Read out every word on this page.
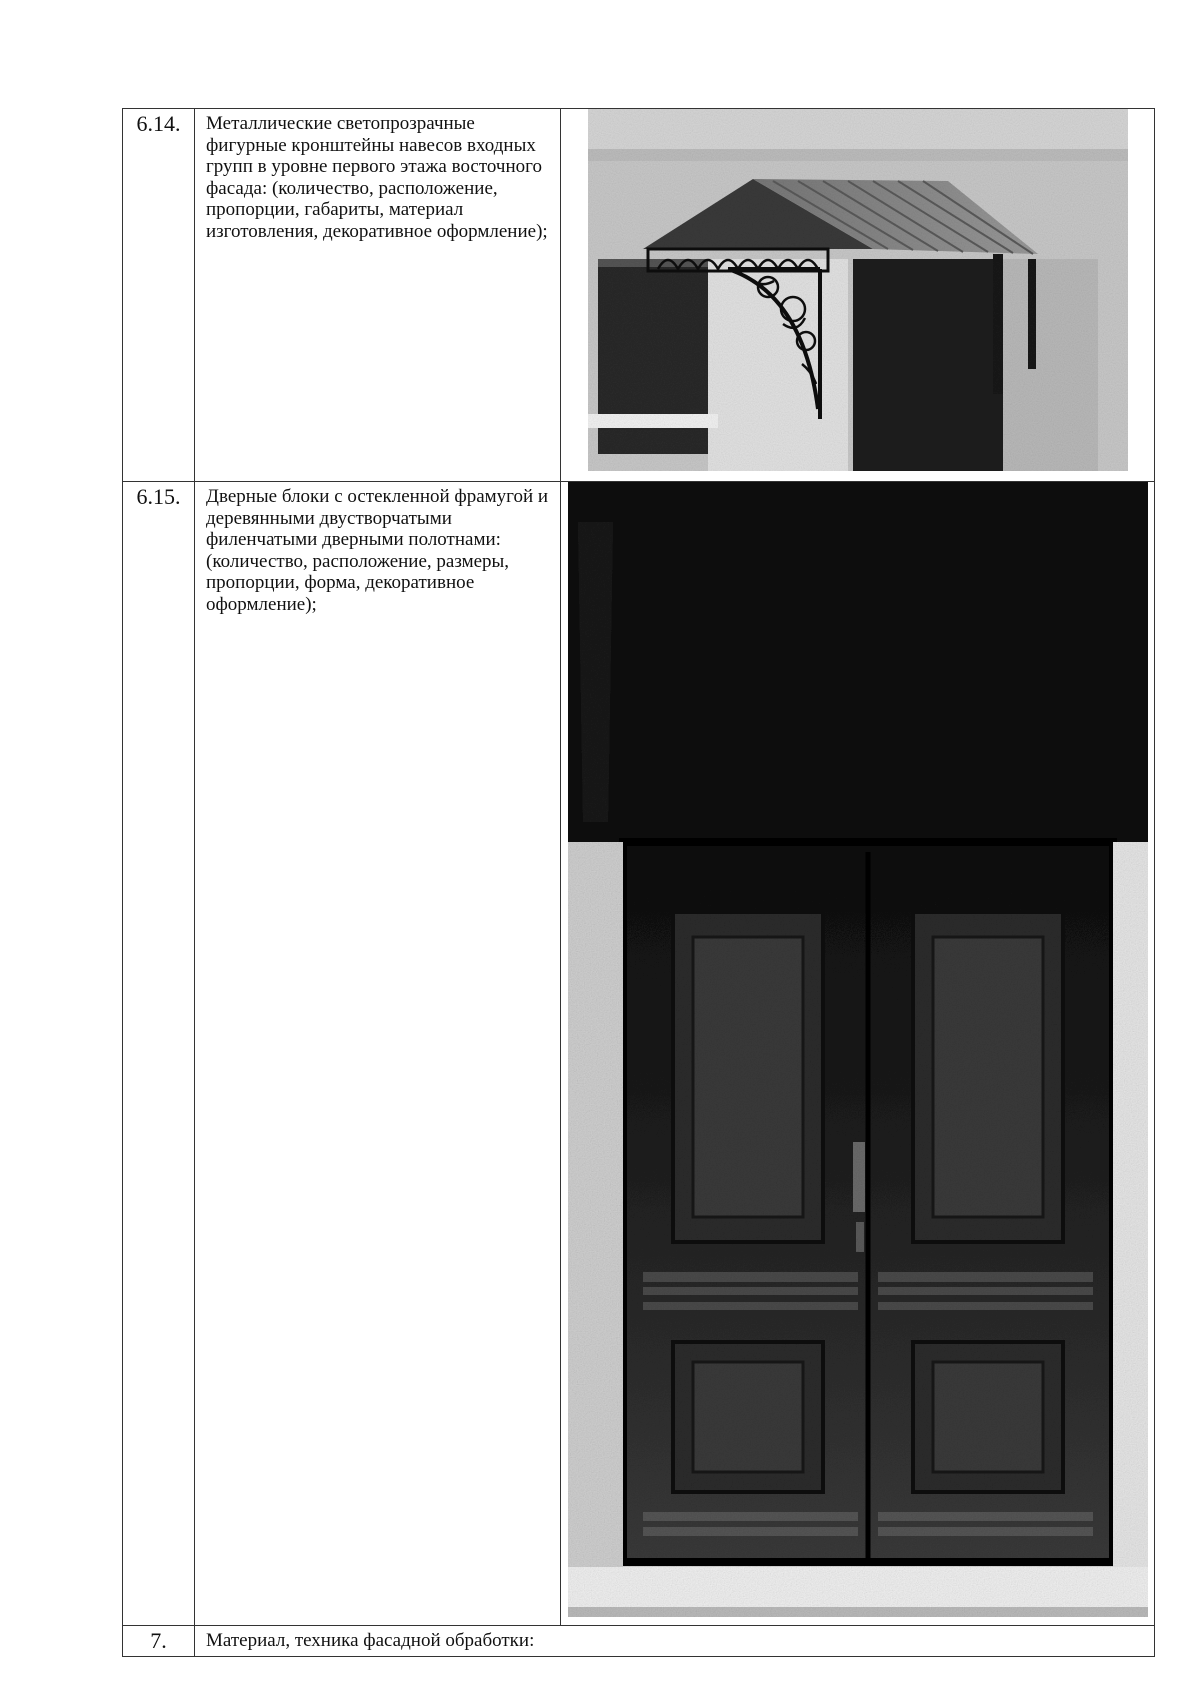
6.14.	Металлические светопрозрачные фигурные кронштейны навесов входных групп в уровне первого этажа восточного фасада: (количество, расположение, пропорции, габариты, материал изготовления, декоративное оформление);

6.15.	Дверные блоки с остекленной фрамугой и деревянными двустворчатыми филенчатыми дверными полотнами: (количество, расположение, размеры, пропорции, форма, декоративное оформление);

7.	Материал, техника фасадной обработки:	
